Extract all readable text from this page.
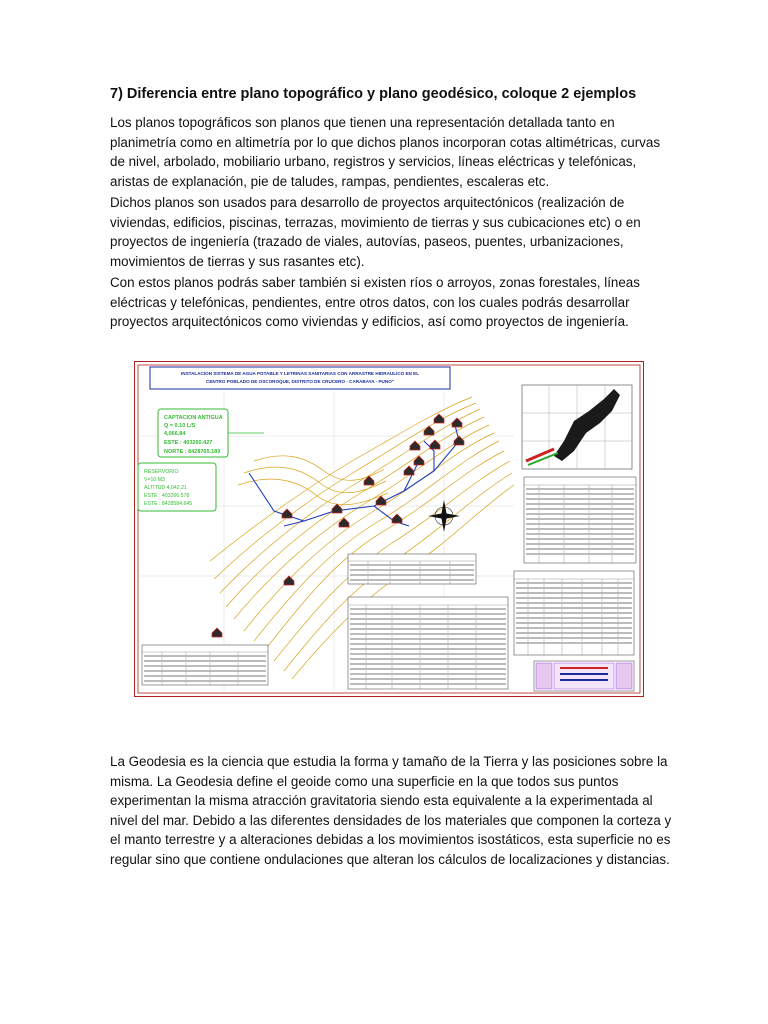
7) Diferencia entre plano topográfico y plano geodésico, coloque 2 ejemplos

Los planos topográficos son planos que tienen una representación detallada tanto en
planimetría como en altimetría por lo que dichos planos incorporan cotas altimétricas, curvas
de nivel, arbolado, mobiliario urbano, registros y servicios, líneas eléctricas y telefónicas,
aristas de explanación, pie de taludes, rampas, pendientes, escaleras etc.

Dichos planos son usados para desarrollo de proyectos arquitectónicos (realización de
viviendas, edificios, piscinas, terrazas, movimiento de tierras y sus cubicaciones etc) o en
proyectos de ingeniería (trazado de viales, autovías, paseos, puentes, urbanizaciones,
movimientos de tierras y sus rasantes etc).

Con estos planos podrás saber también si existen ríos o arroyos, zonas forestales, líneas
eléctricas y telefónicas, pendientes, entre otros datos, con los cuales podrás desarrollar
proyectos arquitectónicos como viviendas y edificios, así como proyectos de ingeniería.

INSTALACION SISTEMA DE AGUA POTABLE Y LETRINAS SANITARIAS CON ARRASTRE HIDRAULICO EN EL
CENTRO POBLADO DE OSCOROQUE, DISTRITO DE CRUCERO - CARABAYA - PUNO"
CAPTACION ANTIGUA
Q = 0.10 L/S
4,066.84
ESTE : 403260.427
NORTE : 8428765.189
RESERVORIO
V=10 M3
ALTITUD 4,042.21
ESTE : 403266.578
ESTE : 8428584.645

La Geodesia es la ciencia que estudia la forma y tamaño de la Tierra y las posiciones sobre la
misma. La Geodesia define el geoide como una superficie en la que todos sus puntos
experimentan la misma atracción gravitatoria siendo esta equivalente a la experimentada al
nivel del mar. Debido a las diferentes densidades de los materiales que componen la corteza y
el manto terrestre y a alteraciones debidas a los movimientos isostáticos, esta superficie no es
regular sino que contiene ondulaciones que alteran los cálculos de localizaciones y distancias.
